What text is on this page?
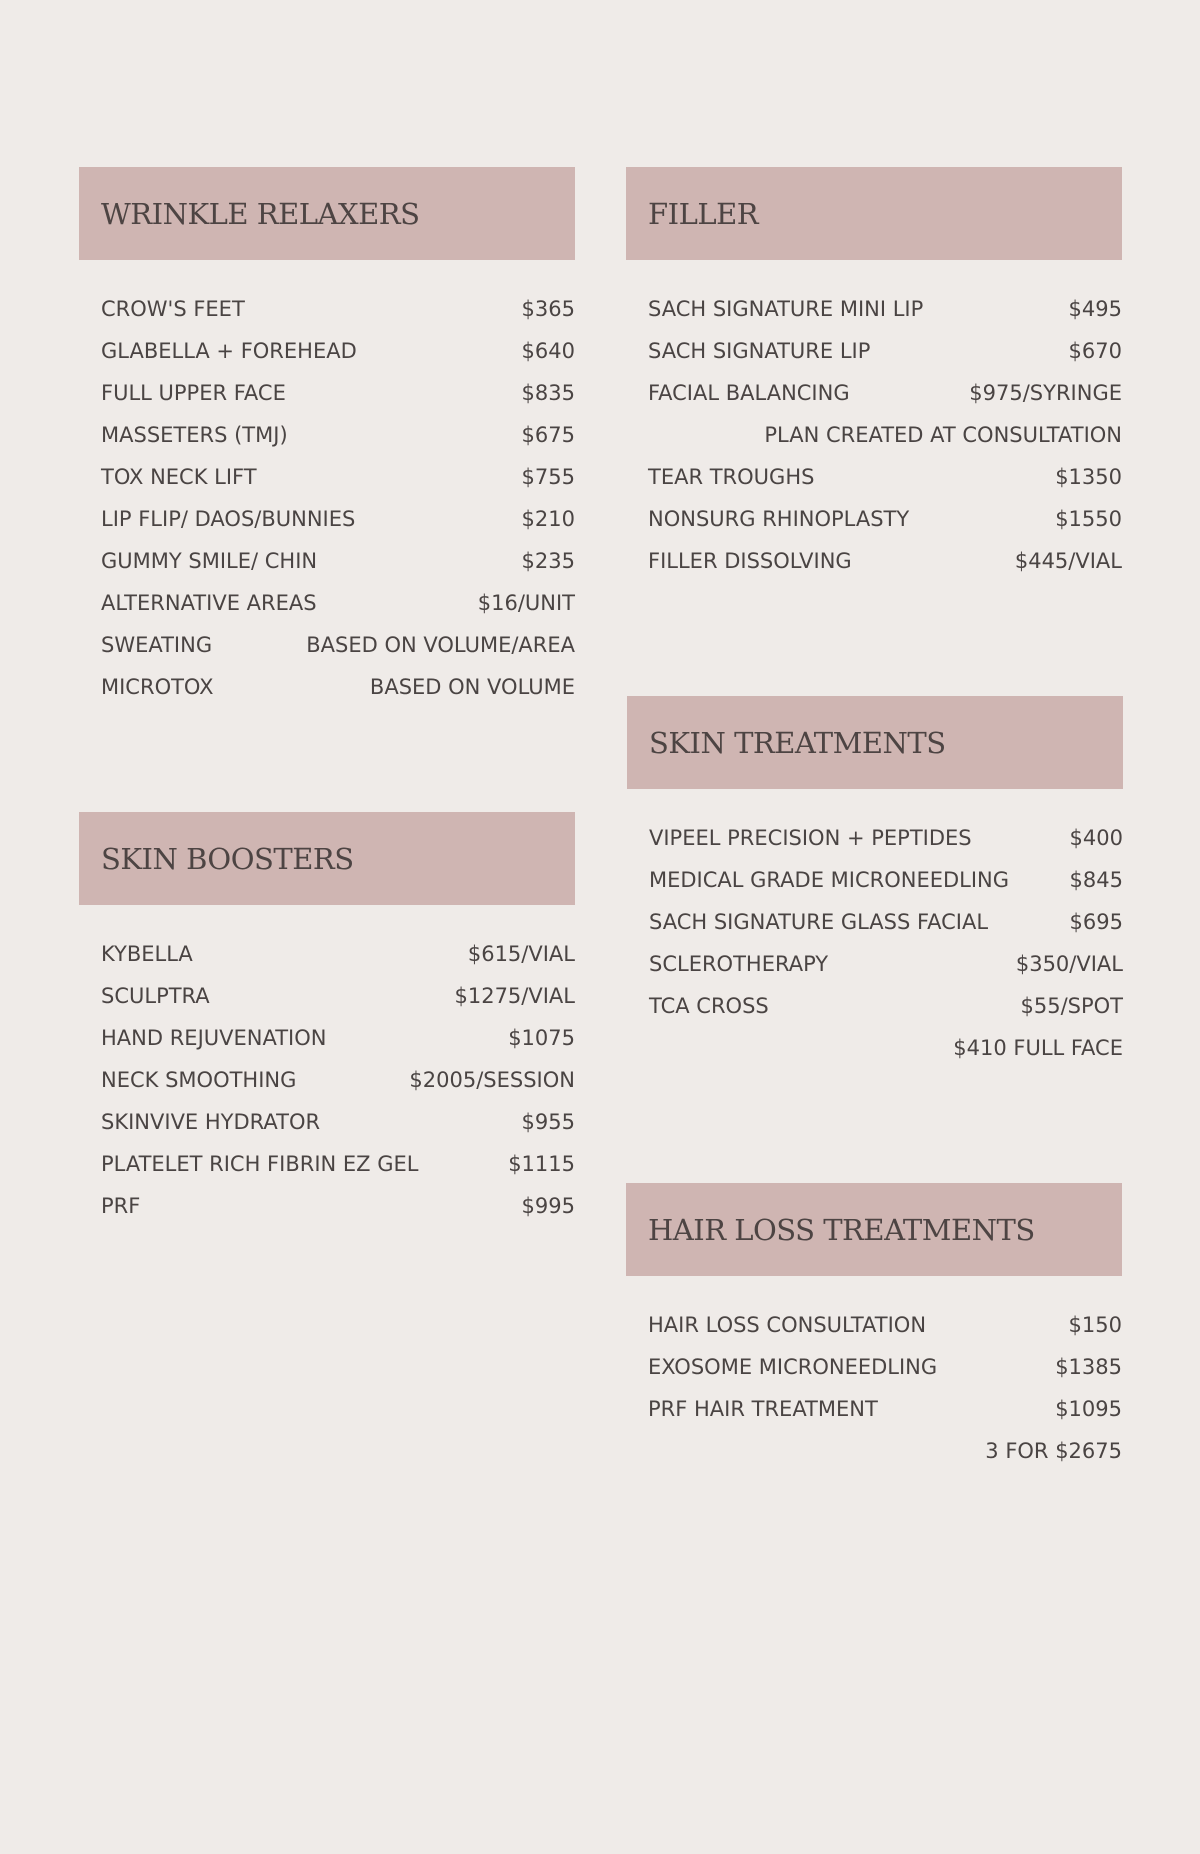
WRINKLE RELAXERS
CROW'S FEET	$365
GLABELLA + FOREHEAD	$640
FULL UPPER FACE	$835
MASSETERS (TMJ)	$675
TOX NECK LIFT	$755
LIP FLIP/ DAOS/BUNNIES	$210
GUMMY SMILE/ CHIN	$235
ALTERNATIVE AREAS	$16/UNIT
SWEATING	BASED ON VOLUME/AREA
MICROTOX	BASED ON VOLUME
FILLER
SACH SIGNATURE MINI LIP	$495
SACH SIGNATURE LIP	$670
FACIAL BALANCING	$975/SYRINGE
PLAN CREATED AT CONSULTATION
TEAR TROUGHS	$1350
NONSURG RHINOPLASTY	$1550
FILLER DISSOLVING	$445/VIAL
SKIN TREATMENTS
VIPEEL PRECISION + PEPTIDES	$400
MEDICAL GRADE MICRONEEDLING	$845
SACH SIGNATURE GLASS FACIAL	$695
SCLEROTHERAPY	$350/VIAL
TCA CROSS	$55/SPOT
$410 FULL FACE
SKIN BOOSTERS
KYBELLA	$615/VIAL
SCULPTRA	$1275/VIAL
HAND REJUVENATION	$1075
NECK SMOOTHING	$2005/SESSION
SKINVIVE HYDRATOR	$955
PLATELET RICH FIBRIN EZ GEL	$1115
PRF	$995
HAIR LOSS TREATMENTS
HAIR LOSS CONSULTATION	$150
EXOSOME MICRONEEDLING	$1385
PRF HAIR TREATMENT	$1095
3 FOR $2675
